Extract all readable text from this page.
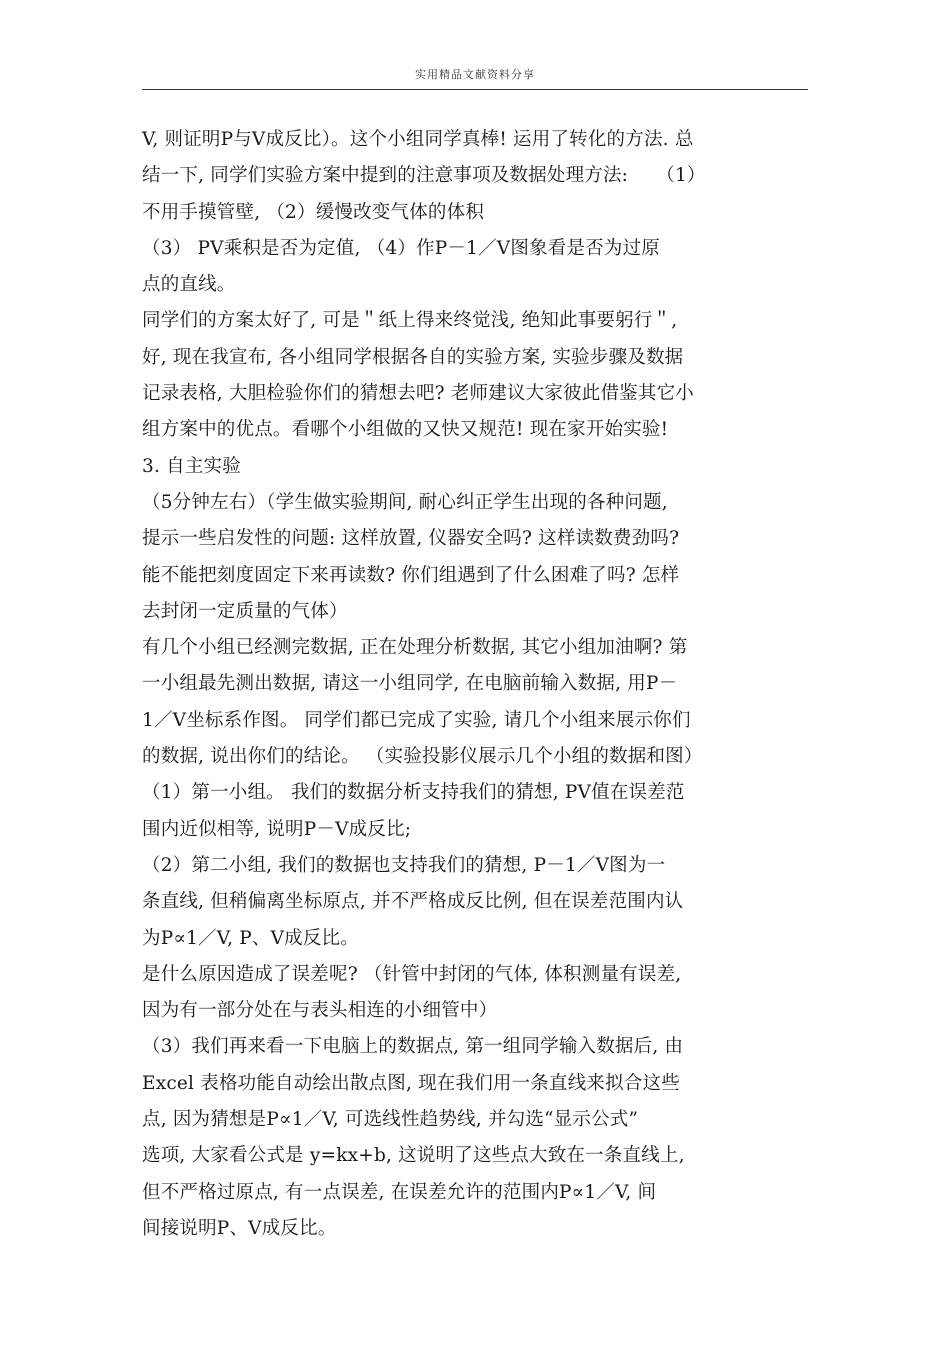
实用精品文献资料分享
V, 则证明P与V成反比）。这个小组同学真棒! 运用了转化的方法. 总
结一下, 同学们实验方案中提到的注意事项及数据处理方法:　　（1）
不用手摸管壁, （2）缓慢改变气体的体积
（3） PV乘积是否为定值, （4）作P－1／V图象看是否为过原
点的直线。
同学们的方案太好了, 可是＂纸上得来终觉浅, 绝知此事要躬行＂,
好, 现在我宣布, 各小组同学根据各自的实验方案, 实验步骤及数据
记录表格, 大胆检验你们的猜想去吧? 老师建议大家彼此借鉴其它小
组方案中的优点。看哪个小组做的又快又规范! 现在家开始实验!
3. 自主实验
（5分钟左右）（学生做实验期间, 耐心纠正学生出现的各种问题,
提示一些启发性的问题: 这样放置, 仪器安全吗? 这样读数费劲吗?
能不能把刻度固定下来再读数? 你们组遇到了什么困难了吗? 怎样
去封闭一定质量的气体）
有几个小组已经测完数据, 正在处理分析数据, 其它小组加油啊? 第
一小组最先测出数据, 请这一小组同学, 在电脑前输入数据, 用P－
1／V坐标系作图。 同学们都已完成了实验, 请几个小组来展示你们
的数据, 说出你们的结论。 （实验投影仪展示几个小组的数据和图）
（1）第一小组。 我们的数据分析支持我们的猜想, PV值在误差范
围内近似相等, 说明P－V成反比;
（2）第二小组, 我们的数据也支持我们的猜想, P－1／V图为一
条直线, 但稍偏离坐标原点, 并不严格成反比例, 但在误差范围内认
为P∝1／V, P、V成反比。
是什么原因造成了误差呢? （针管中封闭的气体, 体积测量有误差,
因为有一部分处在与表头相连的小细管中）
（3）我们再来看一下电脑上的数据点, 第一组同学输入数据后, 由
Excel 表格功能自动绘出散点图, 现在我们用一条直线来拟合这些
点, 因为猜想是P∝1／V, 可选线性趋势线, 并勾选“显示公式”
选项, 大家看公式是 y=kx+b, 这说明了这些点大致在一条直线上,
但不严格过原点, 有一点误差, 在误差允许的范围内P∝1／V, 间
间接说明P、V成反比。
